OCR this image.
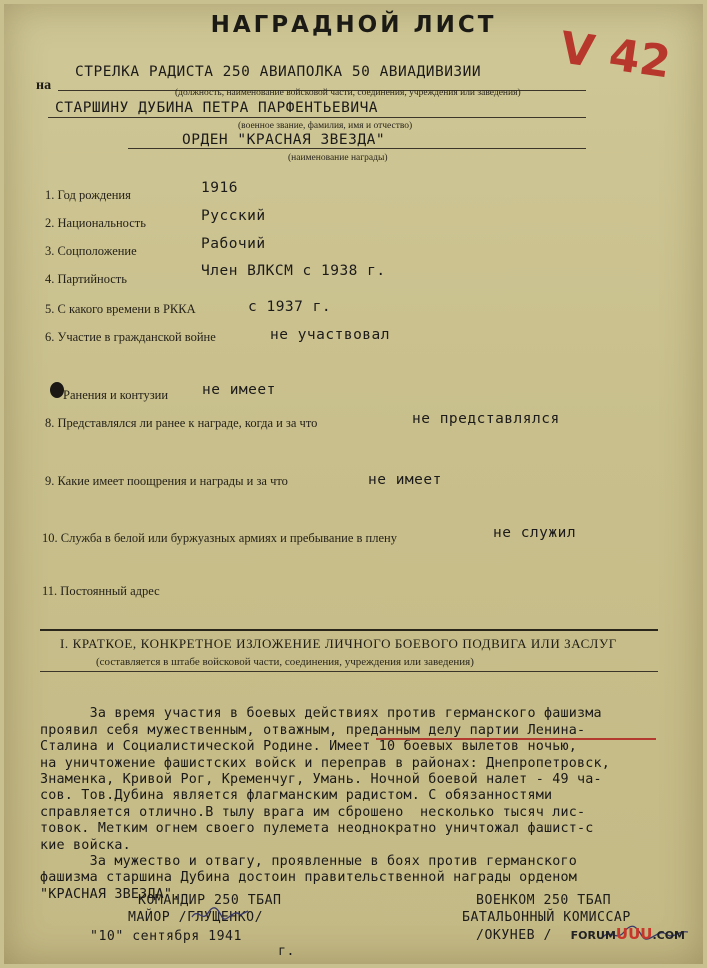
НАГРАДНОЙ ЛИСТ	V 42
на
СТРЕЛКА РАДИСТА 250 АВИАПОЛКА 50 АВИАДИВИЗИИ
(должность, наименование войсковой части, соединения, учреждения или заведения)
СТАРШИНУ ДУБИНА ПЕТРА ПАРФЕНТЬЕВИЧА
(военное звание, фамилия, имя и отчество)
ОРДЕН "КРАСНАЯ ЗВЕЗДА"
(наименование награды)
1. Год рождения	1916
2. Национальность	Русский
3. Соцположение	Рабочий
4. Партийность	Член ВЛКСМ с 1938 г.
5. С какого времени в РККА	с 1937 г.
6. Участие в гражданской войне	не участвовал
Ранения и контузии не имеет
8. Представлялся ли ранее к награде, когда и за что	не представлялся
9. Какие имеет поощрения и награды и за что	не имеет
10. Служба в белой или буржуазных армиях и пребывание в плену	не служил
11. Постоянный адрес
I. КРАТКОЕ, КОНКРЕТНОЕ ИЗЛОЖЕНИЕ ЛИЧНОГО БОЕВОГО ПОДВИГА ИЛИ ЗАСЛУГ
(составляется в штабе войсковой части, соединения, учреждения или заведения)

За время участия в боевых действиях против германского фашизма
проявил себя мужественным, отважным, преданным делу партии Ленина-
Сталина и Социалистической Родине. Имеет 10 боевых вылетов ночью,
на уничтожение фашистских войск и переправ в районах: Днепропетровск,
Знаменка, Кривой Рог, Кременчуг, Умань. Ночной боевой налет - 49 ча-
сов. Тов.Дубина является флагманским радистом. С обязанностями
справляется отлично.В тылу врага им сброшено  несколько тысяч лис-
товок. Метким огнем своего пулемета неоднократно уничтожал фашист-с
кие войска.
За мужество и отвагу, проявленные в боях против германского
фашизма старшина Дубина достоин правительственной награды орденом
"КРАСНАЯ ЗВЕЗДА".-
КОМАНДИР 250 ТБАП
МАЙОР /ГЛУЩЕНКО/
"10" сентября 1941
г.
ВОЕНКОМ 250 ТБАП
БАТАЛЬОННЫЙ КОМИССАР
/ОКУНЕВ / FORUMUUU.COM
